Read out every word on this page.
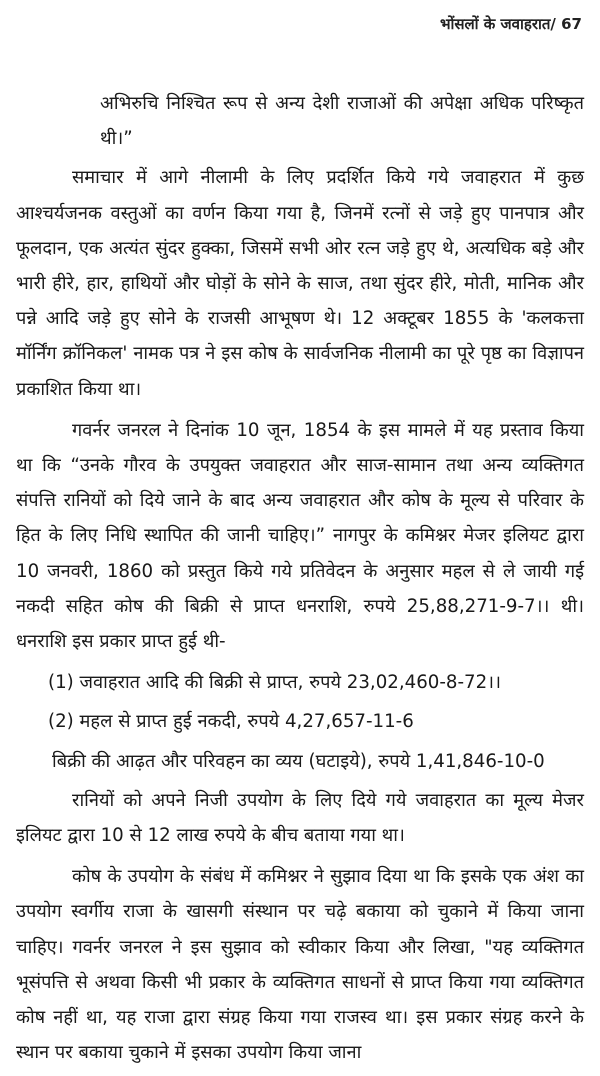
भोंसलों के जवाहरात/ 67

अभिरुचि निश्चित रूप से अन्य देशी राजाओं की अपेक्षा अधिक परिष्कृत थी।”

समाचार में आगे नीलामी के लिए प्रदर्शित किये गये जवाहरात में कुछ आश्चर्यजनक वस्तुओं का वर्णन किया गया है, जिनमें रत्नों से जड़े हुए पानपात्र और फूलदान, एक अत्यंत सुंदर हुक्का, जिसमें सभी ओर रत्न जड़े हुए थे, अत्यधिक बड़े और भारी हीरे, हार, हाथियों और घोड़ों के सोने के साज, तथा सुंदर हीरे, मोती, मानिक और पन्ने आदि जड़े हुए सोने के राजसी आभूषण थे। 12 अक्टूबर 1855 के 'कलकत्ता मॉर्निंग क्रॉनिकल' नामक पत्र ने इस कोष के सार्वजनिक नीलामी का पूरे पृष्ठ का विज्ञापन प्रकाशित किया था।

गवर्नर जनरल ने दिनांक 10 जून, 1854 के इस मामले में यह प्रस्ताव किया था कि “उनके गौरव के उपयुक्त जवाहरात और साज-सामान तथा अन्य व्यक्तिगत संपत्ति रानियों को दिये जाने के बाद अन्य जवाहरात और कोष के मूल्य से परिवार के हित के लिए निधि स्थापित की जानी चाहिए।” नागपुर के कमिश्नर मेजर इलियट द्वारा 10 जनवरी, 1860 को प्रस्तुत किये गये प्रतिवेदन के अनुसार महल से ले जायी गई नकदी सहित कोष की बिक्री से प्राप्त धनराशि, रुपये 25,88,271-9-7।। थी। धनराशि इस प्रकार प्राप्त हुई थी-

(1) जवाहरात आदि की बिक्री से प्राप्त, रुपये 23,02,460-8-72।।

(2) महल से प्राप्त हुई नकदी, रुपये 4,27,657-11-6

बिक्री की आढ़त और परिवहन का व्यय (घटाइये), रुपये 1,41,846-10-0

रानियों को अपने निजी उपयोग के लिए दिये गये जवाहरात का मूल्य मेजर इलियट द्वारा 10 से 12 लाख रुपये के बीच बताया गया था।

कोष के उपयोग के संबंध में कमिश्नर ने सुझाव दिया था कि इसके एक अंश का उपयोग स्वर्गीय राजा के खासगी संस्थान पर चढ़े बकाया को चुकाने में किया जाना चाहिए। गवर्नर जनरल ने इस सुझाव को स्वीकार किया और लिखा, "यह व्यक्तिगत भूसंपत्ति से अथवा किसी भी प्रकार के व्यक्तिगत साधनों से प्राप्त किया गया व्यक्तिगत कोष नहीं था, यह राजा द्वारा संग्रह किया गया राजस्व था। इस प्रकार संग्रह करने के स्थान पर बकाया चुकाने में इसका उपयोग किया जाना
